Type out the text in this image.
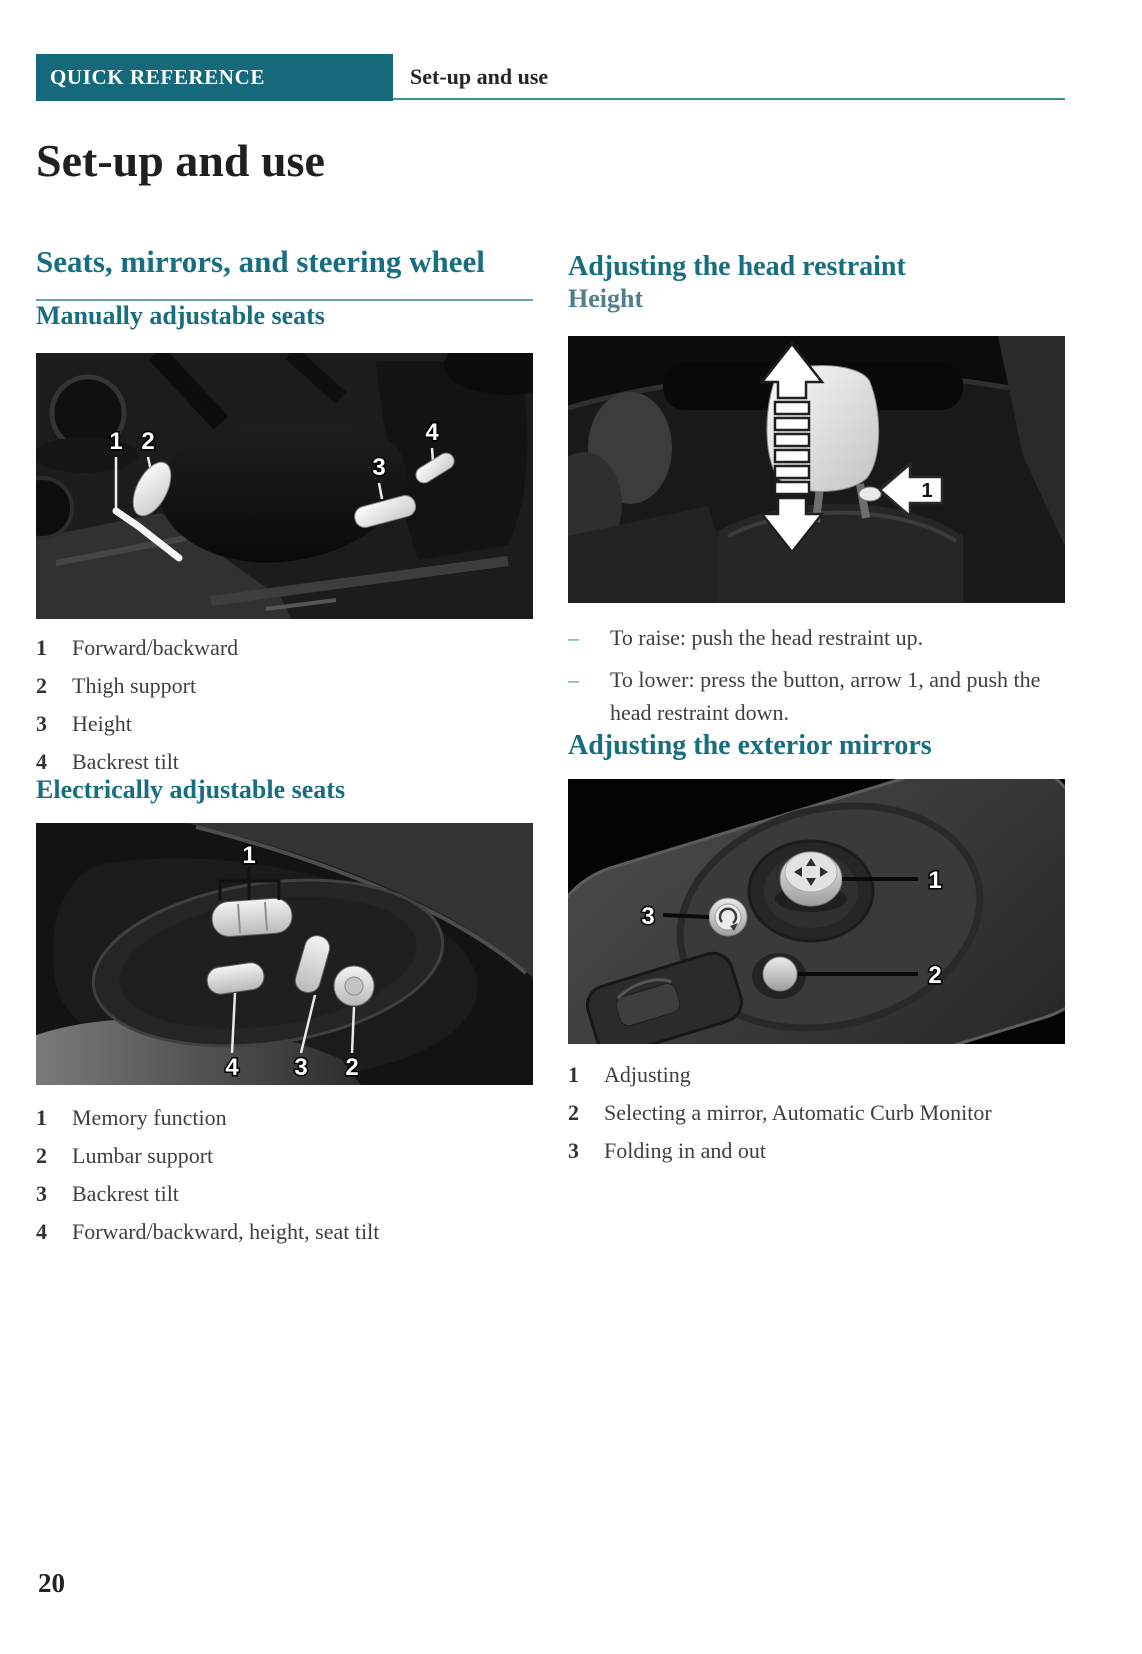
QUICK REFERENCE	Set-up and use
Set-up and use
Seats, mirrors, and steering wheel
Manually adjustable seats
1 2
3
4
1	Forward/backward
2	Thigh support
3	Height
4	Backrest tilt
Electrically adjustable seats
1
4 3 2
1	Memory function
2	Lumbar support
3	Backrest tilt
4	Forward/backward, height, seat tilt
Adjusting the head restraint
Height
1
–	To raise: push the head restraint up.
–	To lower: press the button, arrow 1, and push the head restraint down.
Adjusting the exterior mirrors
1
2
3
1	Adjusting
2	Selecting a mirror, Automatic Curb Monitor
3	Folding in and out
20
